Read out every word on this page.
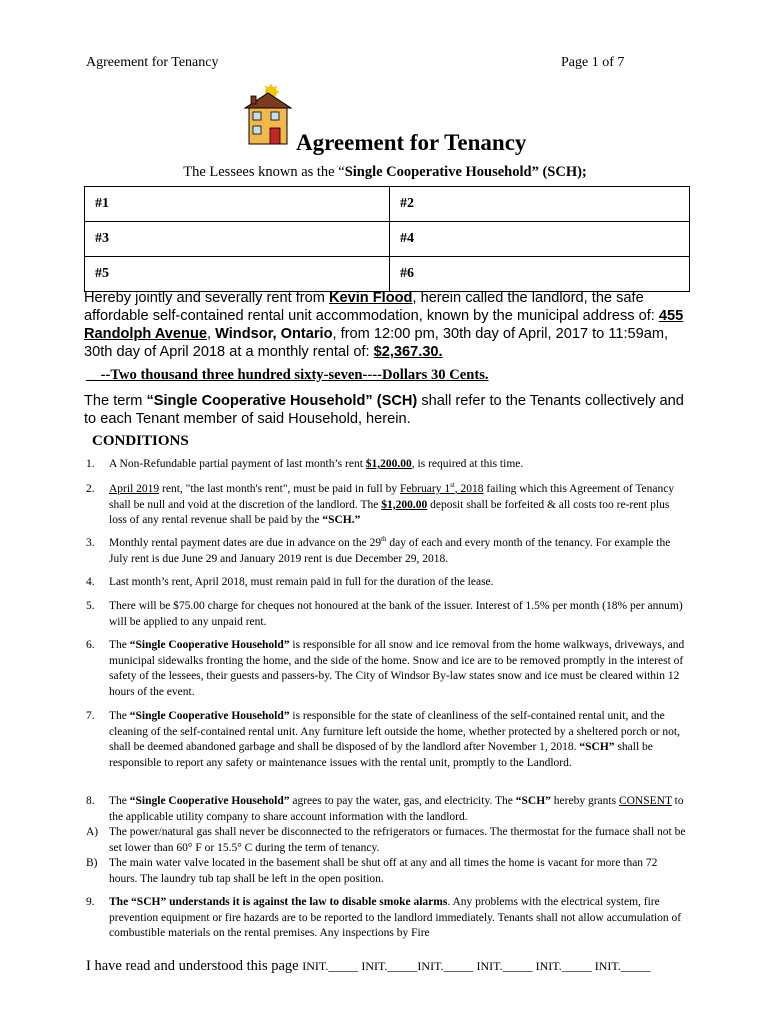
Agreement for Tenancy	Page 1 of 7
Agreement for Tenancy
The Lessees known as the “Single Cooperative Household” (SCH);
#1	#2
#3	#4
#5	#6
Hereby jointly and severally rent from Kevin Flood, herein called the landlord, the safe affordable self-contained rental unit accommodation, known by the municipal address of: 455 Randolph Avenue, Windsor, Ontario, from 12:00 pm, 30th day of April, 2017 to 11:59am, 30th day of April 2018 at a monthly rental of: $2,367.30.
__--Two thousand three hundred sixty-seven----Dollars 30 Cents.
The term “Single Cooperative Household” (SCH) shall refer to the Tenants collectively and to each Tenant member of said Household, herein.
CONDITIONS
1.	A Non-Refundable partial payment of last month’s rent $1,200.00, is required at this time.
2.	April 2019 rent, "the last month's rent", must be paid in full by February 1st, 2018 failing which this Agreement of Tenancy shall be null and void at the discretion of the landlord. The $1,200.00 deposit shall be forfeited & all costs too re-rent plus loss of any rental revenue shall be paid by the “SCH.”
3.	Monthly rental payment dates are due in advance on the 29th day of each and every month of the tenancy. For example the July rent is due June 29 and January 2019 rent is due December 29, 2018.
4.	Last month’s rent, April 2018, must remain paid in full for the duration of the lease.
5.	There will be $75.00 charge for cheques not honoured at the bank of the issuer. Interest of 1.5% per month (18% per annum) will be applied to any unpaid rent.
6.	The “Single Cooperative Household” is responsible for all snow and ice removal from the home walkways, driveways, and municipal sidewalks fronting the home, and the side of the home. Snow and ice are to be removed promptly in the interest of safety of the lessees, their guests and passers-by. The City of Windsor By-law states snow and ice must be cleared within 12 hours of the event.
7.	The “Single Cooperative Household” is responsible for the state of cleanliness of the self-contained rental unit, and the cleaning of the self-contained rental unit. Any furniture left outside the home, whether protected by a sheltered porch or not, shall be deemed abandoned garbage and shall be disposed of by the landlord after November 1, 2018. “SCH” shall be responsible to report any safety or maintenance issues with the rental unit, promptly to the Landlord.
8.	The “Single Cooperative Household” agrees to pay the water, gas, and electricity. The “SCH” hereby grants CONSENT to the applicable utility company to share account information with the landlord.
A) The power/natural gas shall never be disconnected to the refrigerators or furnaces. The thermostat for the furnace shall not be set lower than 60° F or 15.5° C during the term of tenancy.
B)	The main water valve located in the basement shall be shut off at any and all times the home is vacant for more than 72 hours. The laundry tub tap shall be left in the open position.
9.	The “SCH” understands it is against the law to disable smoke alarms. Any problems with the electrical system, fire prevention equipment or fire hazards are to be reported to the landlord immediately. Tenants shall not allow accumulation of combustible materials on the rental premises. Any inspections by Fire
I have read and understood this page INIT._____ INIT._____INIT._____ INIT._____ INIT._____ INIT._____
